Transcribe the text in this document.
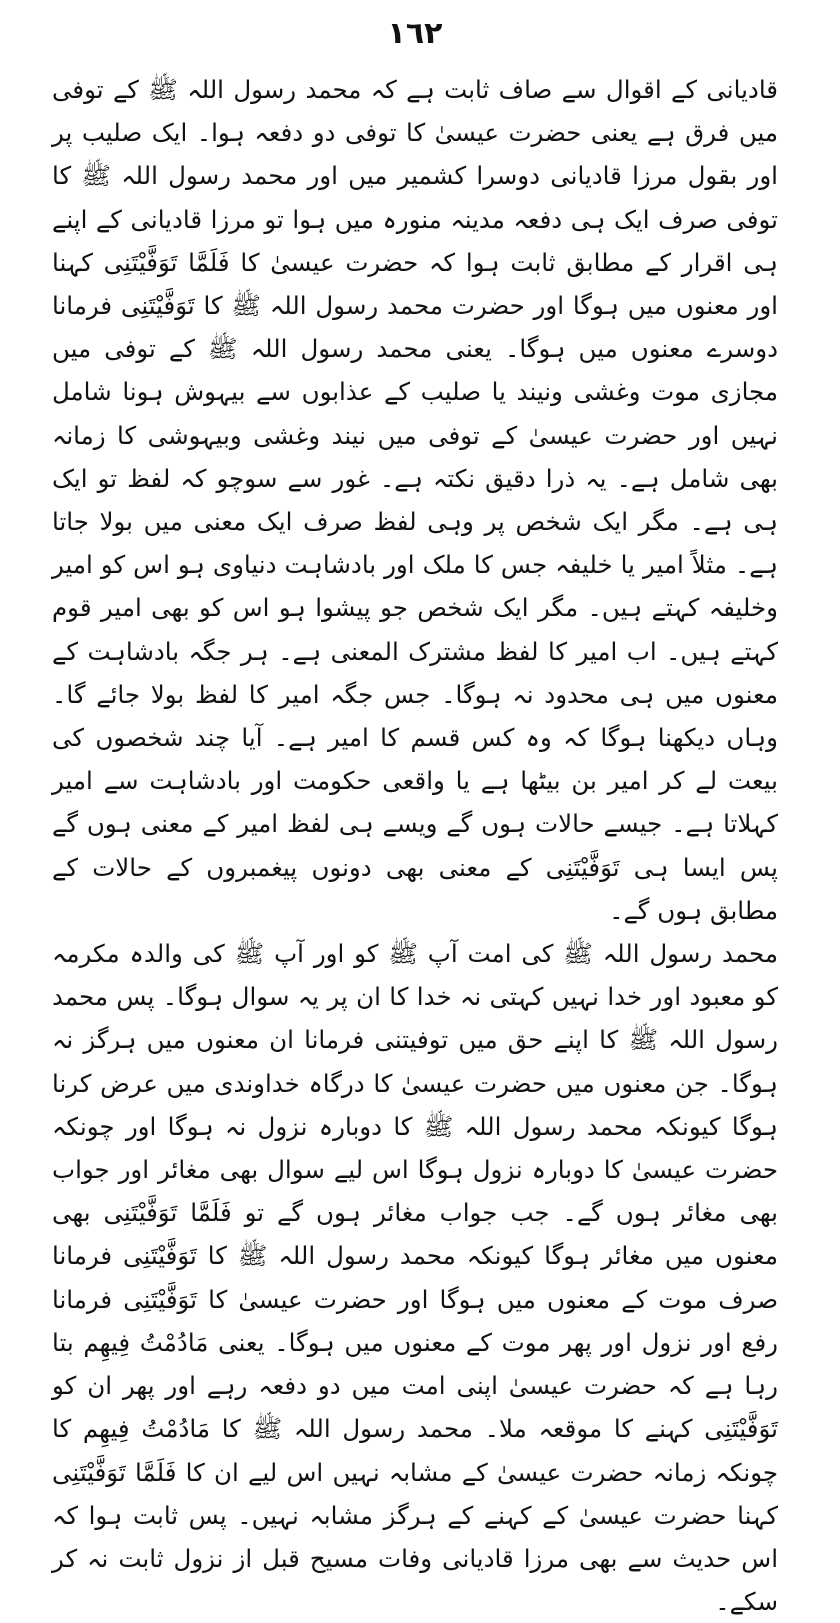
١٦٢

قادیانی کے اقوال سے صاف ثابت ہے کہ محمد رسول اللہ ﷺ کے توفی میں فرق ہے یعنی حضرت عیسیٰ کا توفی دو دفعہ ہوا۔ ایک صلیب پر اور بقول مرزا قادیانی دوسرا کشمیر میں اور محمد رسول اللہ ﷺ کا توفی صرف ایک ہی دفعہ مدینہ منورہ میں ہوا تو مرزا قادیانی کے اپنے ہی اقرار کے مطابق ثابت ہوا کہ حضرت عیسیٰ کا فَلَمَّا تَوَفَّیْتَنِی کہنا اور معنوں میں ہوگا اور حضرت محمد رسول اللہ ﷺ کا تَوَفَّیْتَنِی فرمانا دوسرے معنوں میں ہوگا۔ یعنی محمد رسول اللہ ﷺ کے توفی میں مجازی موت وغشی ونیند یا صلیب کے عذابوں سے بیہوش ہونا شامل نہیں اور حضرت عیسیٰ کے توفی میں نیند وغشی وبیہوشی کا زمانہ بھی شامل ہے۔ یہ ذرا دقیق نکتہ ہے۔ غور سے سوچو کہ لفظ تو ایک ہی ہے۔ مگر ایک شخص پر وہی لفظ صرف ایک معنی میں بولا جاتا ہے۔ مثلاً امیر یا خلیفہ جس کا ملک اور بادشاہت دنیاوی ہو اس کو امیر وخلیفہ کہتے ہیں۔ مگر ایک شخص جو پیشوا ہو اس کو بھی امیر قوم کہتے ہیں۔ اب امیر کا لفظ مشترک المعنی ہے۔ ہر جگہ بادشاہت کے معنوں میں ہی محدود نہ ہوگا۔ جس جگہ امیر کا لفظ بولا جائے گا۔ وہاں دیکھنا ہوگا کہ وہ کس قسم کا امیر ہے۔ آیا چند شخصوں کی بیعت لے کر امیر بن بیٹھا ہے یا واقعی حکومت اور بادشاہت سے امیر کہلاتا ہے۔ جیسے حالات ہوں گے ویسے ہی لفظ امیر کے معنی ہوں گے پس ایسا ہی تَوَفَّیْتَنِی کے معنی بھی دونوں پیغمبروں کے حالات کے مطابق ہوں گے۔

محمد رسول اللہ ﷺ کی امت آپ ﷺ کو اور آپ ﷺ کی والدہ مکرمہ کو معبود اور خدا نہیں کہتی نہ خدا کا ان پر یہ سوال ہوگا۔ پس محمد رسول اللہ ﷺ کا اپنے حق میں توفیتنی فرمانا ان معنوں میں ہرگز نہ ہوگا۔ جن معنوں میں حضرت عیسیٰ کا درگاہ خداوندی میں عرض کرنا ہوگا کیونکہ محمد رسول اللہ ﷺ کا دوبارہ نزول نہ ہوگا اور چونکہ حضرت عیسیٰ کا دوبارہ نزول ہوگا اس لیے سوال بھی مغائر اور جواب بھی مغائر ہوں گے۔ جب جواب مغائر ہوں گے تو فَلَمَّا تَوَفَّیْتَنِی بھی معنوں میں مغائر ہوگا کیونکہ محمد رسول اللہ ﷺ کا تَوَفَّیْتَنِی فرمانا صرف موت کے معنوں میں ہوگا اور حضرت عیسیٰ کا تَوَفَّیْتَنِی فرمانا رفع اور نزول اور پھر موت کے معنوں میں ہوگا۔ یعنی مَادُمْتُ فِیهِم بتا رہا ہے کہ حضرت عیسیٰ اپنی امت میں دو دفعہ رہے اور پھر ان کو تَوَفَّیْتَنِی کہنے کا موقعہ ملا۔ محمد رسول اللہ ﷺ کا مَادُمْتُ فِیهِم کا چونکہ زمانہ حضرت عیسیٰ کے مشابہ نہیں اس لیے ان کا فَلَمَّا تَوَفَّیْتَنِی کہنا حضرت عیسیٰ کے کہنے کے ہرگز مشابہ نہیں۔ پس ثابت ہوا کہ اس حدیث سے بھی مرزا قادیانی وفات مسیح قبل از نزول ثابت نہ کر سکے۔
